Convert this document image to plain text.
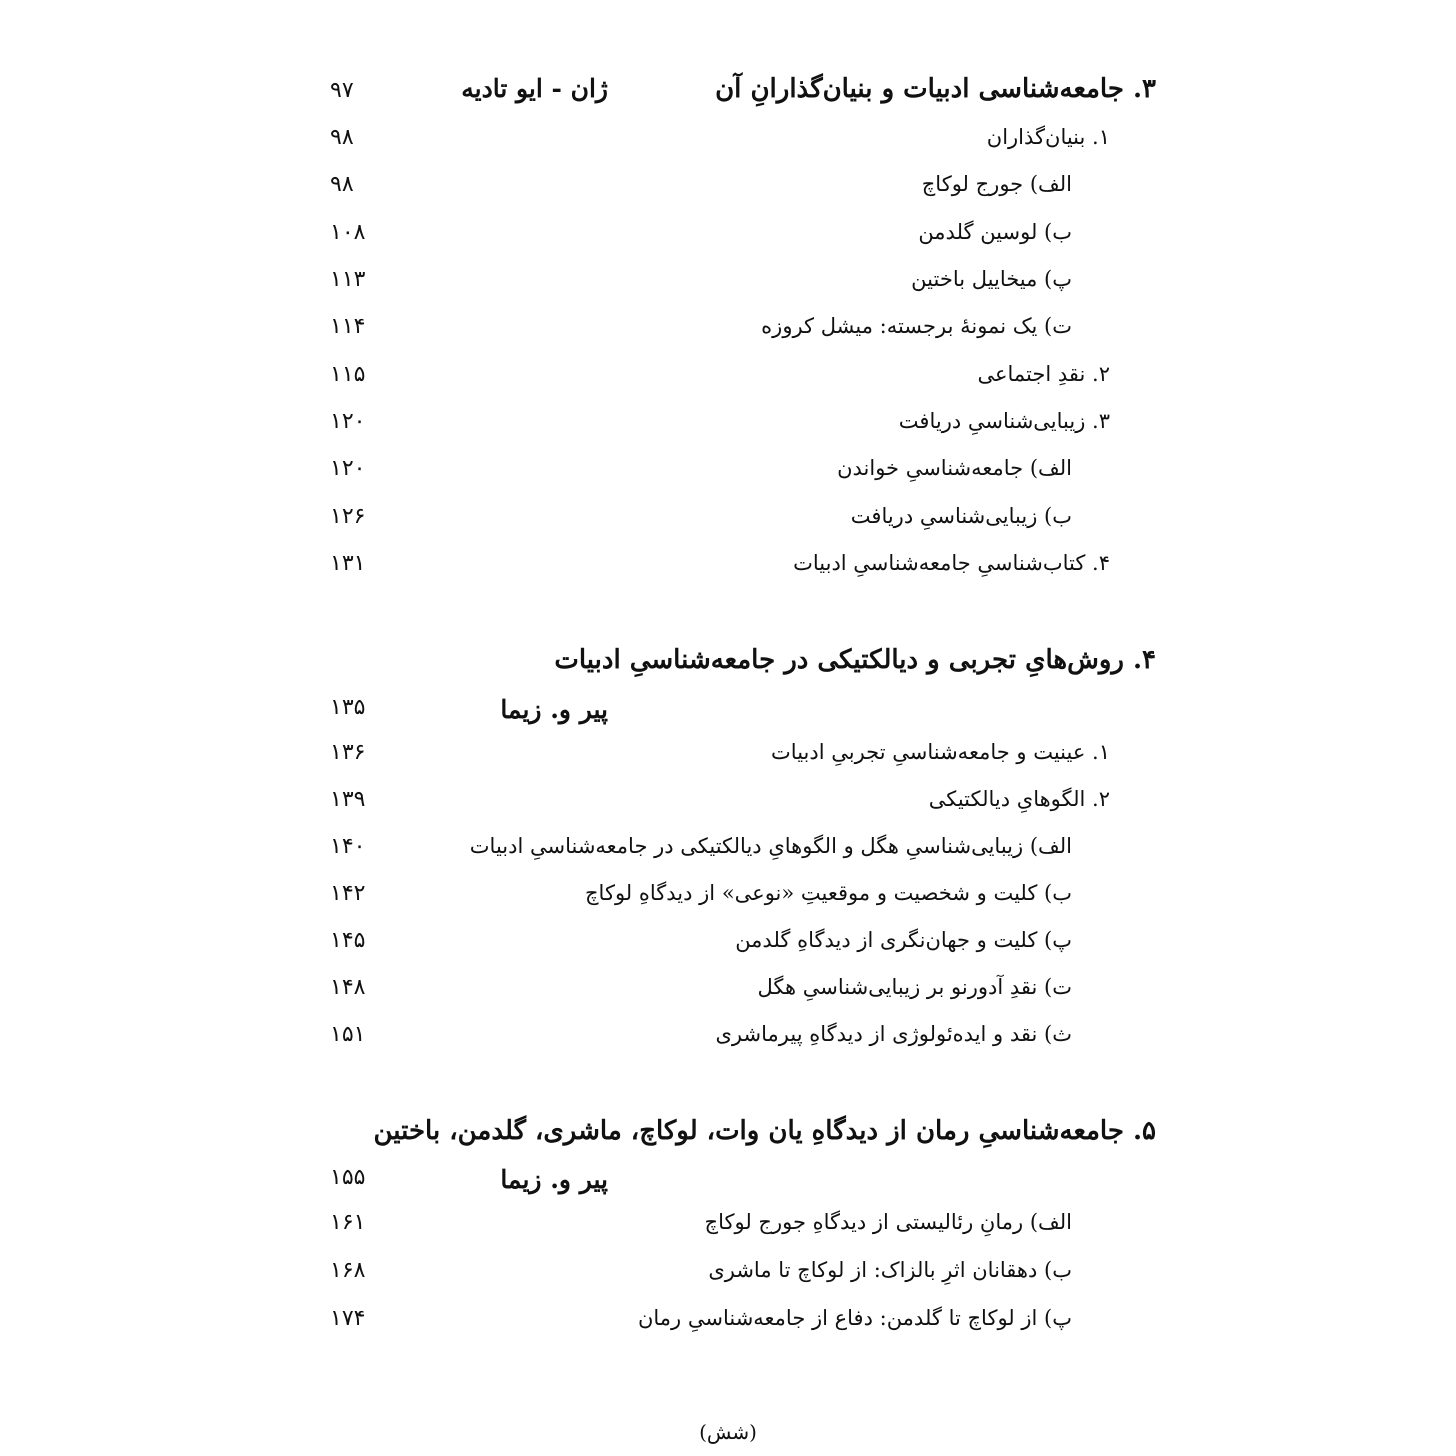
۳. جامعه‌شناسی ادبیات و بنیان‌گذارانِ آن
ژان - ایو تادیه
۹۷
۱. بنیان‌گذاران
۹۸
الف) جورج لوکاچ
۹۸
ب) لوسین گلدمن
۱۰۸
پ) میخاییل باختین
۱۱۳
ت) یک نمونهٔ برجسته: میشل کروزه
۱۱۴
۲. نقدِ اجتماعی
۱۱۵
۳. زیبایی‌شناسیِ دریافت
۱۲۰
الف) جامعه‌شناسیِ خواندن
۱۲۰
ب) زیبایی‌شناسیِ دریافت
۱۲۶
۴. کتاب‌شناسیِ جامعه‌شناسیِ ادبیات
۱۳۱
۴. روش‌هایِ تجربی و دیالکتیکی در جامعه‌شناسیِ ادبیات
پیر و. زیما
۱۳۵
۱. عینیت و جامعه‌شناسیِ تجربیِ ادبیات
۱۳۶
۲. الگوهایِ دیالکتیکی
۱۳۹
الف) زیبایی‌شناسیِ هگل و الگوهایِ دیالکتیکی در جامعه‌شناسیِ ادبیات
۱۴۰
ب) کلیت و شخصیت و موقعیتِ «نوعی» از دیدگاهِ لوکاچ
۱۴۲
پ) کلیت و جهان‌نگری از دیدگاهِ گلدمن
۱۴۵
ت) نقدِ آدورنو بر زیبایی‌شناسیِ هگل
۱۴۸
ث) نقد و ایده‌ئولوژی از دیدگاهِ پیرماشری
۱۵۱
۵. جامعه‌شناسیِ رمان از دیدگاهِ یان وات، لوکاچ، ماشری، گلدمن، باختین
پیر و. زیما
۱۵۵
الف) رمانِ رئالیستی از دیدگاهِ جورج لوکاچ
۱۶۱
ب) دهقانان اثرِ بالزاک: از لوکاچ تا ماشری
۱۶۸
پ) از لوکاچ تا گلدمن: دفاع از جامعه‌شناسیِ رمان
۱۷۴
(شش)
